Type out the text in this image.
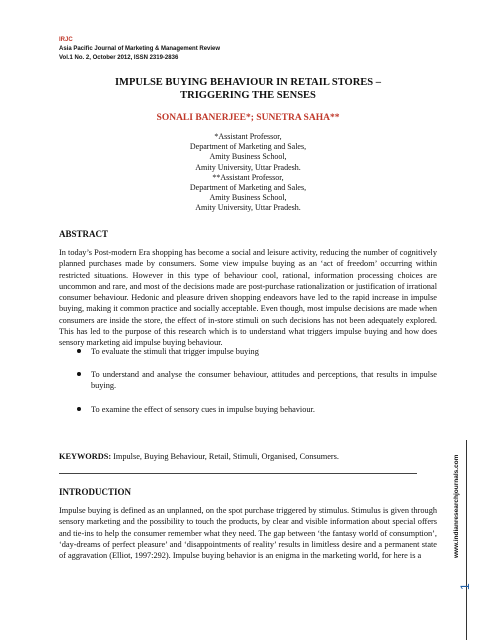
IRJC
Asia Pacific Journal of Marketing & Management Review
Vol.1 No. 2, October 2012, ISSN 2319-2836
IMPULSE BUYING BEHAVIOUR IN RETAIL STORES –
TRIGGERING THE SENSES
SONALI BANERJEE*; SUNETRA SAHA**
*Assistant Professor,
Department of Marketing and Sales,
Amity Business School,
Amity University, Uttar Pradesh.
**Assistant Professor,
Department of Marketing and Sales,
Amity Business School,
Amity University, Uttar Pradesh.
ABSTRACT

In today’s Post-modern Era shopping has become a social and leisure activity, reducing the number of cognitively planned purchases made by consumers. Some view impulse buying as an ‘act of freedom’ occurring within restricted situations. However in this type of behaviour cool, rational, information processing choices are uncommon and rare, and most of the decisions made are post-purchase rationalization or justification of irrational consumer behaviour. Hedonic and pleasure driven shopping endeavors have led to the rapid increase in impulse buying, making it common practice and socially acceptable. Even though, most impulse decisions are made when consumers are inside the store, the effect of in-store stimuli on such decisions has not been adequately explored. This has led to the purpose of this research which is to understand what triggers impulse buying and how does sensory marketing aid impulse buying behaviour.

To evaluate the stimuli that trigger impulse buying
To understand and analyse the consumer behaviour, attitudes and perceptions, that results in impulse buying.
To examine the effect of sensory cues in impulse buying behaviour.
KEYWORDS: Impulse, Buying Behaviour, Retail, Stimuli, Organised, Consumers.
INTRODUCTION

Impulse buying is defined as an unplanned, on the spot purchase triggered by stimulus. Stimulus is given through sensory marketing and the possibility to touch the products, by clear and visible information about special offers and tie-ins to help the consumer remember what they need. The gap between ‘the fantasy world of consumption’, ‘day-dreams of perfect pleasure’ and ‘disappointments of reality’ results in limitless desire and a permanent state of aggravation (Elliot, 1997:292). Impulse buying behavior is an enigma in the marketing world, for here is a	www.indianresearchjournals.com
1
